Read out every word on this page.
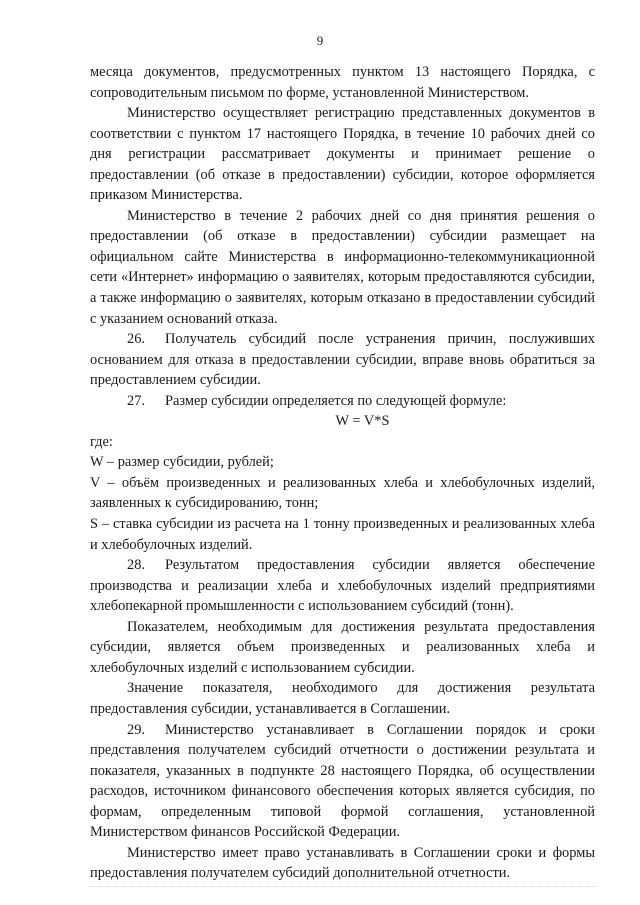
9

месяца документов, предусмотренных пунктом 13 настоящего Порядка, с сопроводительным письмом по форме, установленной Министерством.

Министерство осуществляет регистрацию представленных документов в соответствии с пунктом 17 настоящего Порядка, в течение 10 рабочих дней со дня регистрации рассматривает документы и принимает решение о предоставлении (об отказе в предоставлении) субсидии, которое оформляется приказом Министерства.

Министерство в течение 2 рабочих дней со дня принятия решения о предоставлении (об отказе в предоставлении) субсидии размещает на официальном сайте Министерства в информационно-телекоммуникационной сети «Интернет» информацию о заявителях, которым предоставляются субсидии, а также информацию о заявителях, которым отказано в предоставлении субсидий с указанием оснований отказа.

26. Получатель субсидий после устранения причин, послуживших основанием для отказа в предоставлении субсидии, вправе вновь обратиться за предоставлением субсидии.

27. Размер субсидии определяется по следующей формуле:

W = V*S

где:

W – размер субсидии, рублей;

V – объём произведенных и реализованных хлеба и хлебобулочных изделий, заявленных к субсидированию, тонн;

S – ставка субсидии из расчета на 1 тонну произведенных и реализованных хлеба и хлебобулочных изделий.

28. Результатом предоставления субсидии является обеспечение производства и реализации хлеба и хлебобулочных изделий предприятиями хлебопекарной промышленности с использованием субсидий (тонн).

Показателем, необходимым для достижения результата предоставления субсидии, является объем произведенных и реализованных хлеба и хлебобулочных изделий с использованием субсидии.

Значение показателя, необходимого для достижения результата предоставления субсидии, устанавливается в Соглашении.

29. Министерство устанавливает в Соглашении порядок и сроки представления получателем субсидий отчетности о достижении результата и показателя, указанных в подпункте 28 настоящего Порядка, об осуществлении расходов, источником финансового обеспечения которых является субсидия, по формам, определенным типовой формой соглашения, установленной Министерством финансов Российской Федерации.

Министерство имеет право устанавливать в Соглашении сроки и формы предоставления получателем субсидий дополнительной отчетности.
